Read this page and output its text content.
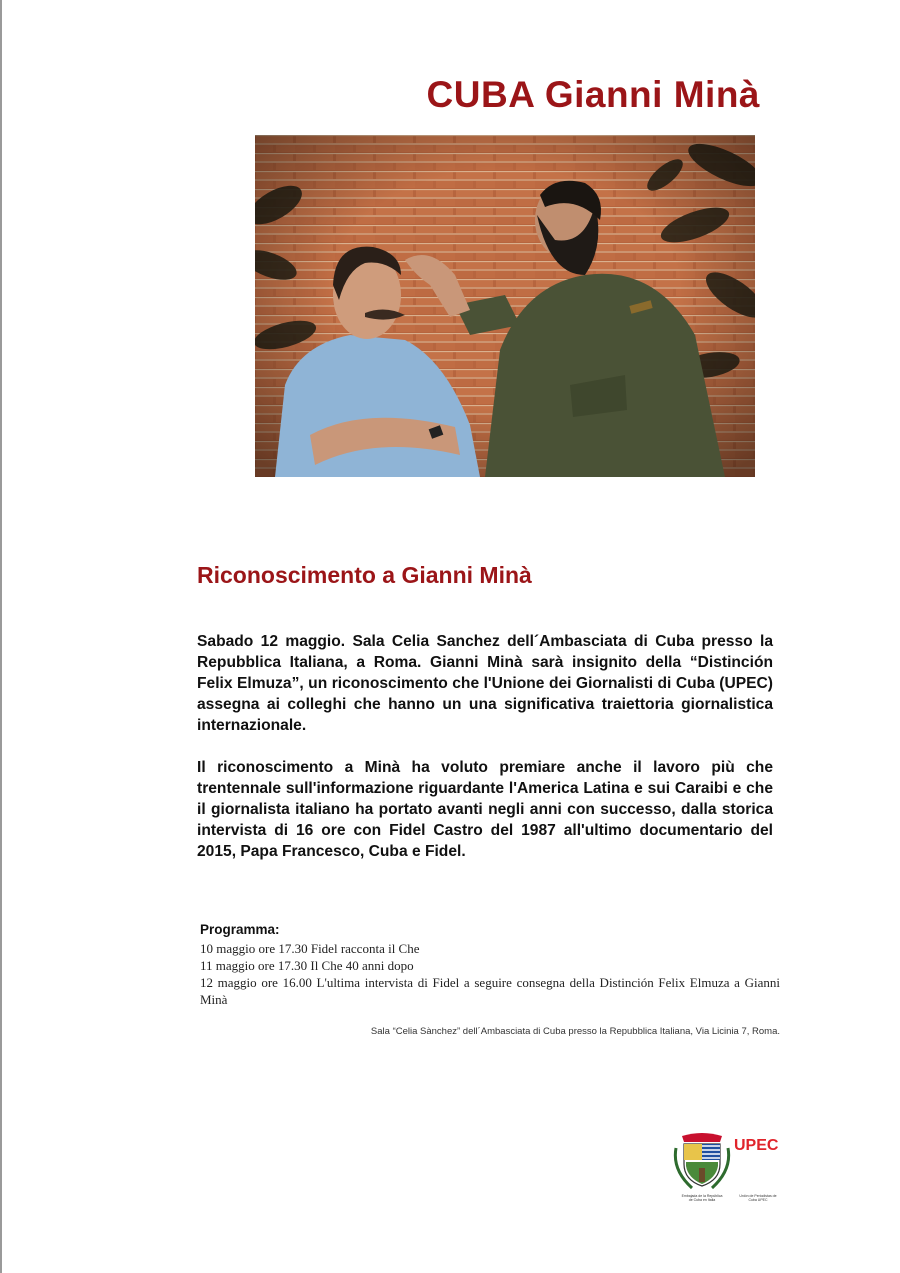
CUBA Gianni Minà
Riconoscimento a Gianni Minà

Sabado 12 maggio. Sala Celia Sanchez dell´Ambasciata di Cuba presso la Repubblica Italiana, a Roma. Gianni Minà sarà insignito della “Distinción Felix Elmuza”, un riconoscimento che l'Unione dei Giornalisti di Cuba (UPEC) assegna ai colleghi che hanno un una significativa traiettoria giornalistica internazionale.

Il riconoscimento a Minà ha voluto premiare anche il lavoro più che trentennale sull'informazione riguardante l'America Latina e sui Caraibi e che il giornalista italiano ha portato avanti negli anni con successo, dalla storica intervista di 16 ore con Fidel Castro del 1987 all'ultimo documentario del 2015, Papa Francesco, Cuba e Fidel.

Programma:
10 maggio ore 17.30 Fidel racconta il Che
11 maggio ore 17.30 Il Che 40 anni dopo
12 maggio ore 16.00 L'ultima intervista di Fidel a seguire consegna della Distinción Felix Elmuza a Gianni Minà
Sala “Celia Sànchez” dell´Ambasciata di Cuba presso la Repubblica Italiana, Via Licinia 7, Roma.
UPEC
Embajada de la República de Cuba en Italia
Unión de Periodistas de Cuba UPEC
